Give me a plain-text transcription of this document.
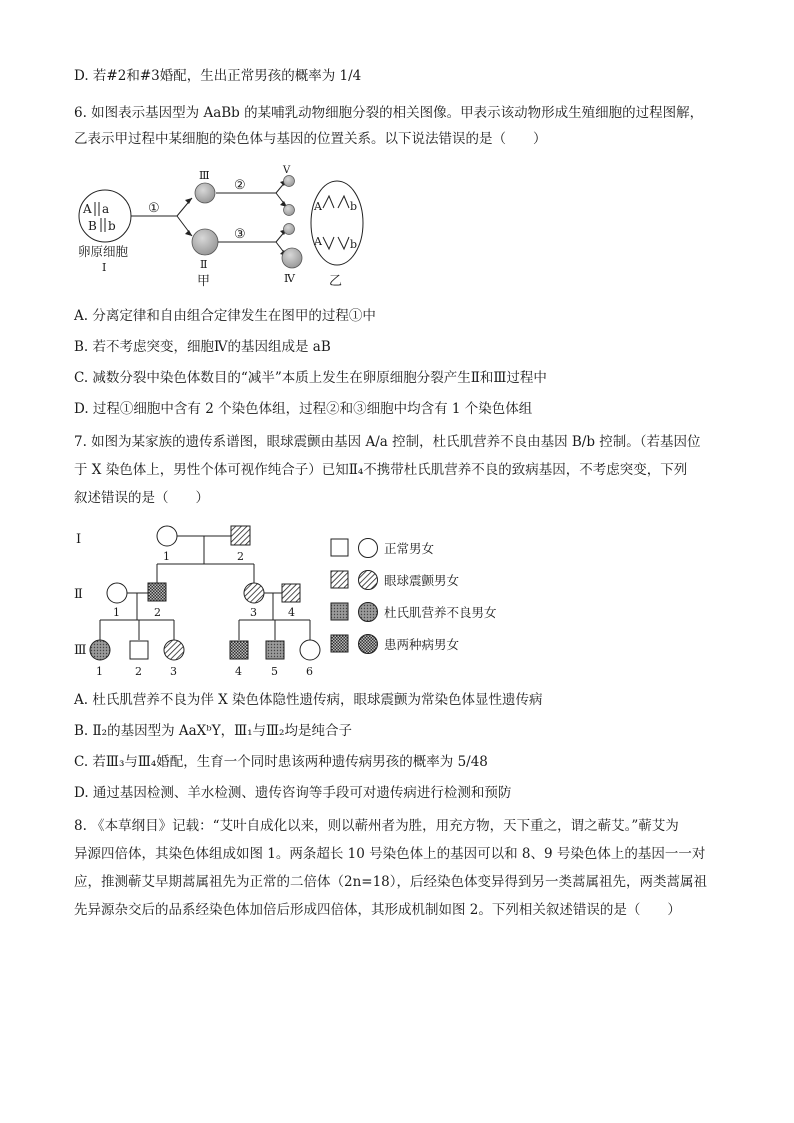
D. 若#2和#3婚配，生出正常男孩的概率为 1/4
6. 如图表示基因型为 AaBb 的某哺乳动物细胞分裂的相关图像。甲表示该动物形成生殖细胞的过程图解，
乙表示甲过程中某细胞的染色体与基因的位置关系。以下说法错误的是（　　）
A a
B b
卵原细胞
Ⅰ
①
Ⅲ
Ⅱ
甲
②
③
Ⅴ
Ⅳ
A	b
A	b
乙
A. 分离定律和自由组合定律发生在图甲的过程①中
B. 若不考虑突变，细胞Ⅳ的基因组成是 aB
C. 减数分裂中染色体数目的“减半”本质上发生在卵原细胞分裂产生Ⅱ和Ⅲ过程中
D. 过程①细胞中含有 2 个染色体组，过程②和③细胞中均含有 1 个染色体组
7. 如图为某家族的遗传系谱图，眼球震颤由基因 A/a 控制，杜氏肌营养不良由基因 B/b 控制。（若基因位
于 X 染色体上，男性个体可视作纯合子）已知Ⅱ₄不携带杜氏肌营养不良的致病基因，不考虑突变，下列
叙述错误的是（　　）
Ⅰ
Ⅱ
Ⅲ
1	2
1	2	3	4
1	2	3	4	5	6
正常男女
眼球震颤男女
杜氏肌营养不良男女
患两种病男女
A. 杜氏肌营养不良为伴 X 染色体隐性遗传病，眼球震颤为常染色体显性遗传病
B. Ⅱ₂的基因型为 AaXᵇY，Ⅲ₁与Ⅲ₂均是纯合子
C. 若Ⅲ₃与Ⅲ₄婚配，生育一个同时患该两种遗传病男孩的概率为 5/48
D. 通过基因检测、羊水检测、遗传咨询等手段可对遗传病进行检测和预防
8. 《本草纲目》记载：“艾叶自成化以来，则以蕲州者为胜，用充方物，天下重之，谓之蕲艾。”蕲艾为
异源四倍体，其染色体组成如图 1。两条超长 10 号染色体上的基因可以和 8、9 号染色体上的基因一一对
应，推测蕲艾早期蒿属祖先为正常的二倍体（2n=18），后经染色体变异得到另一类蒿属祖先，两类蒿属祖
先异源杂交后的品系经染色体加倍后形成四倍体，其形成机制如图 2。下列相关叙述错误的是（　　）
